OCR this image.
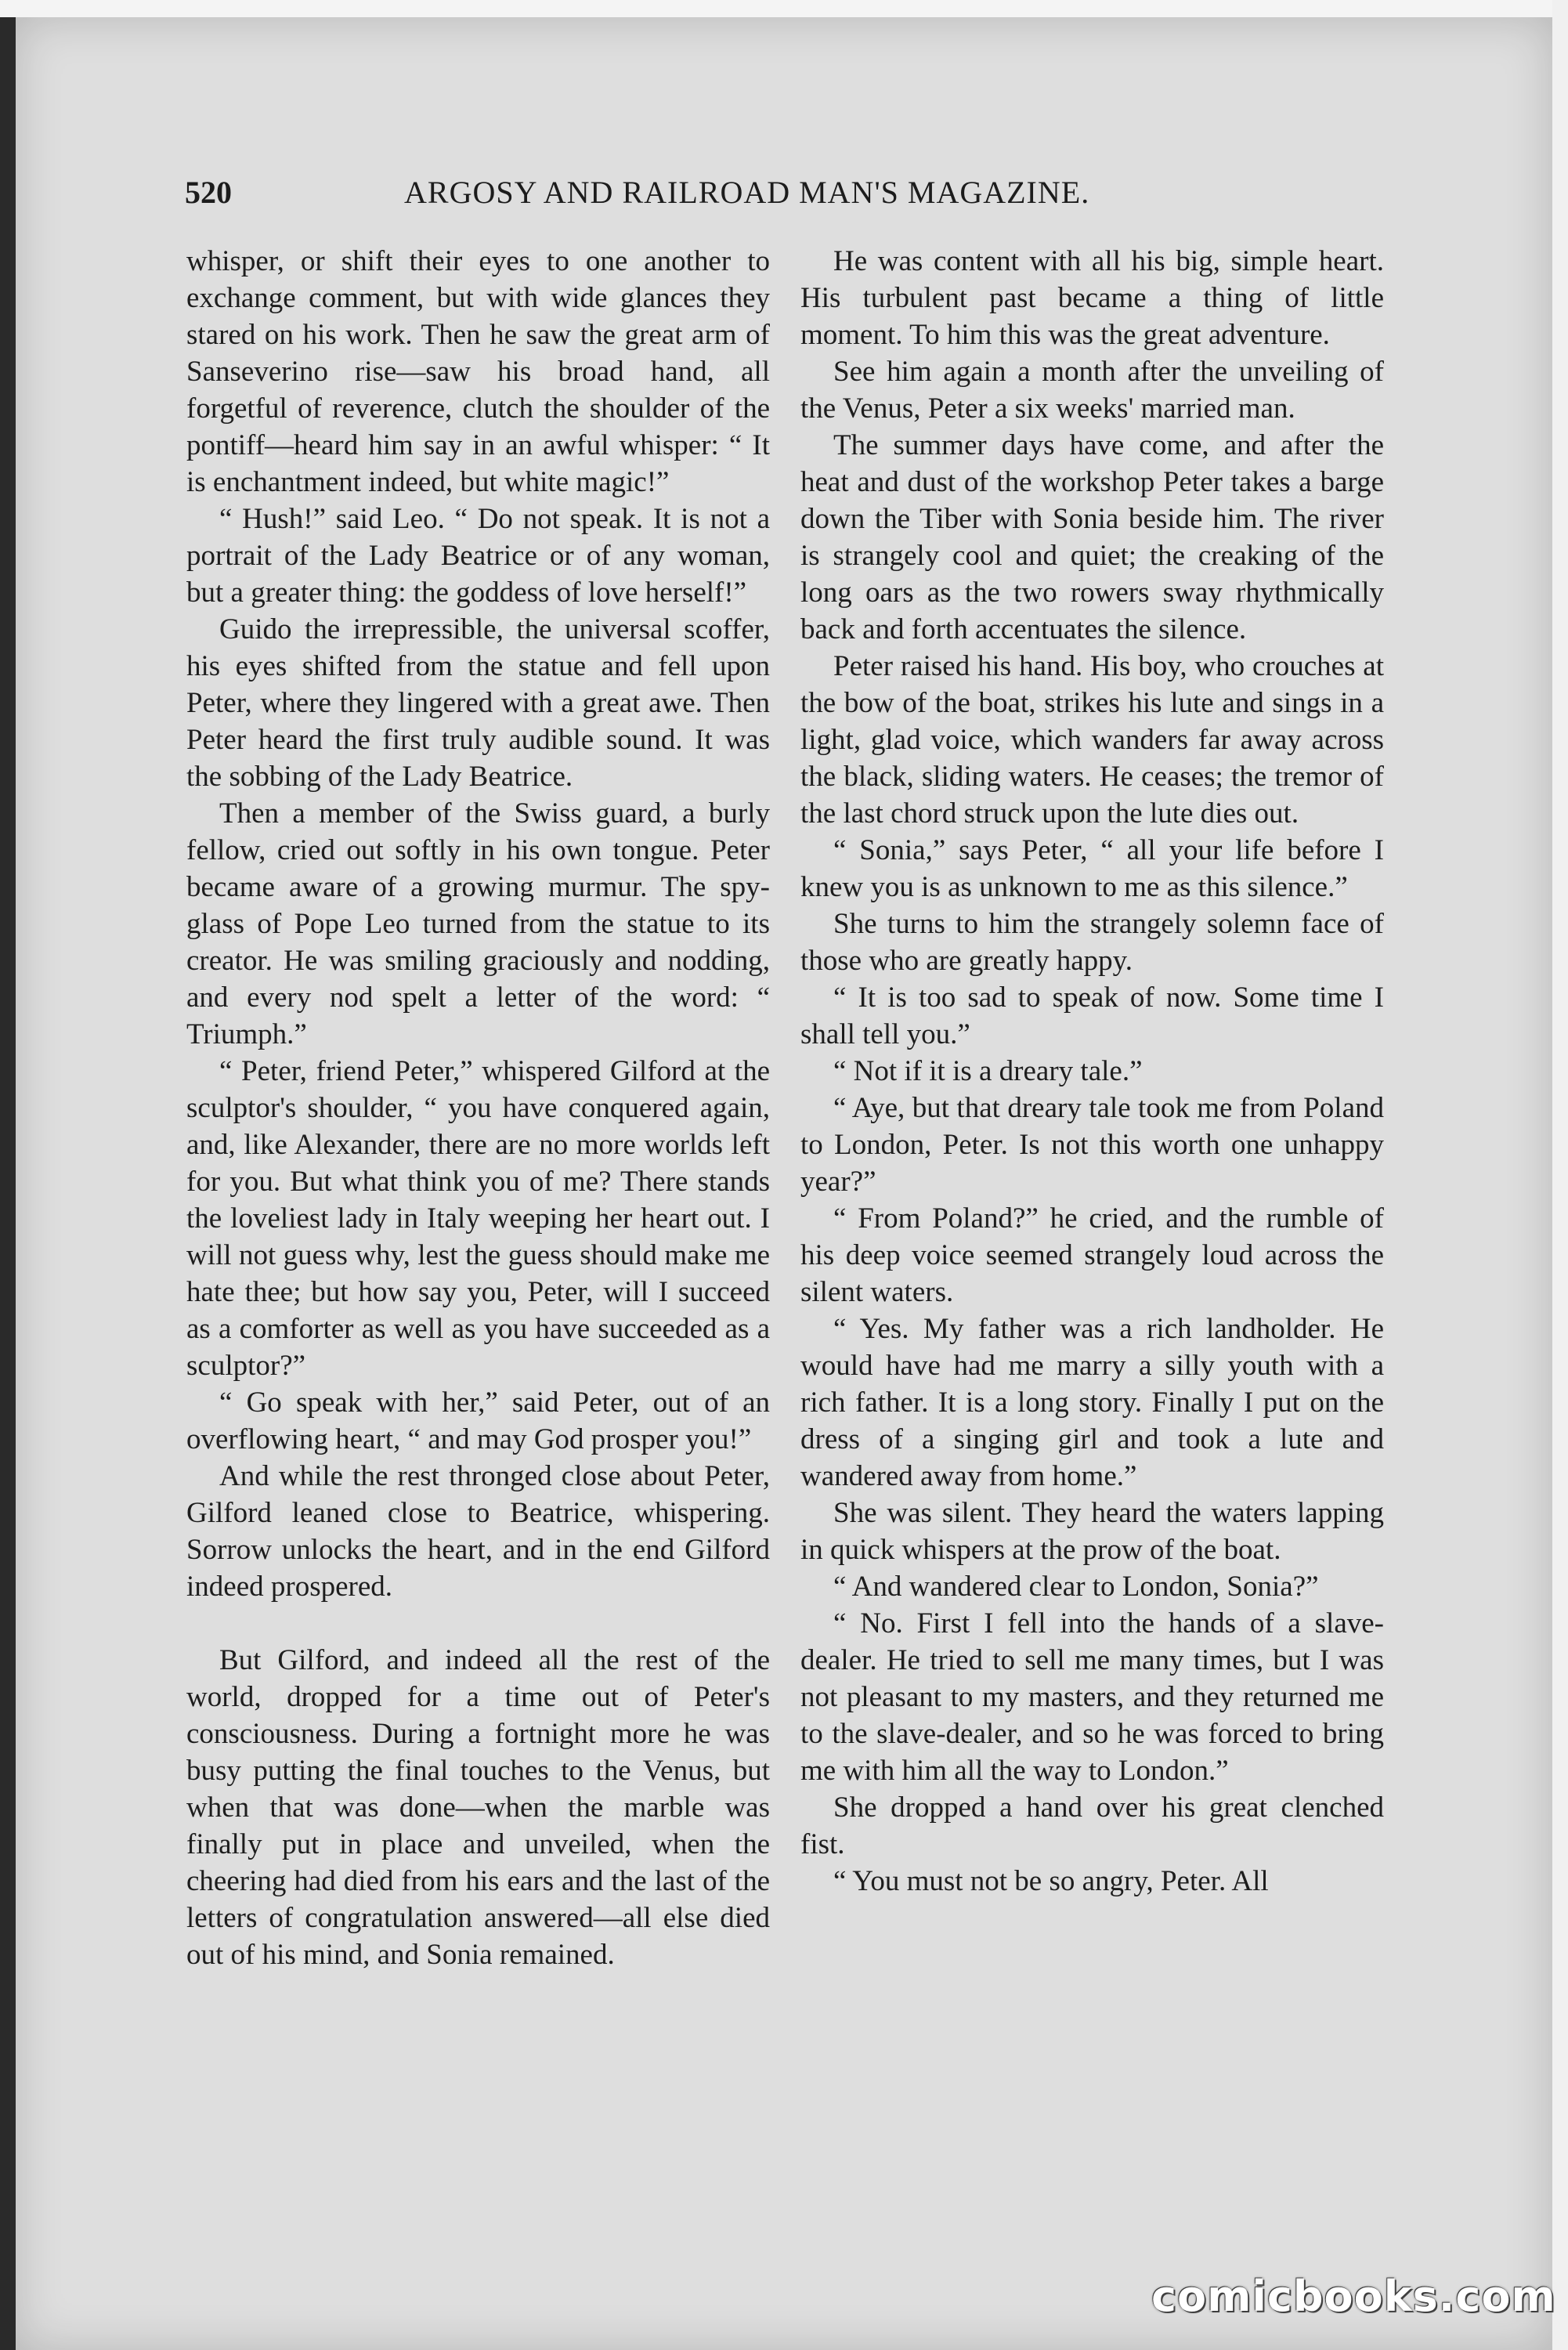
520	ARGOSY AND RAILROAD MAN'S MAGAZINE.

whisper, or shift their eyes to one another to exchange comment, but with wide glances they stared on his work. Then he saw the great arm of Sanseverino rise—saw his broad hand, all forgetful of reverence, clutch the shoulder of the pontiff—heard him say in an awful whisper: “ It is enchantment indeed, but white magic!”

“ Hush!” said Leo. “ Do not speak. It is not a portrait of the Lady Beatrice or of any woman, but a greater thing: the goddess of love herself!”

Guido the irrepressible, the universal scoffer, his eyes shifted from the statue and fell upon Peter, where they lingered with a great awe. Then Peter heard the first truly audible sound. It was the sobbing of the Lady Beatrice.

Then a member of the Swiss guard, a burly fellow, cried out softly in his own tongue. Peter became aware of a growing murmur. The spy-glass of Pope Leo turned from the statue to its creator. He was smiling graciously and nodding, and every nod spelt a letter of the word: “ Triumph.”

“ Peter, friend Peter,” whispered Gilford at the sculptor's shoulder, “ you have conquered again, and, like Alexander, there are no more worlds left for you. But what think you of me? There stands the loveliest lady in Italy weeping her heart out. I will not guess why, lest the guess should make me hate thee; but how say you, Peter, will I succeed as a comforter as well as you have succeeded as a sculptor?”

“ Go speak with her,” said Peter, out of an overflowing heart, “ and may God prosper you!”

And while the rest thronged close about Peter, Gilford leaned close to Beatrice, whispering. Sorrow unlocks the heart, and in the end Gilford indeed prospered.

But Gilford, and indeed all the rest of the world, dropped for a time out of Peter's consciousness. During a fortnight more he was busy putting the final touches to the Venus, but when that was done—when the marble was finally put in place and unveiled, when the cheering had died from his ears and the last of the letters of congratulation answered—all else died out of his mind, and Sonia remained.

He was content with all his big, simple heart. His turbulent past became a thing of little moment. To him this was the great adventure.

See him again a month after the unveiling of the Venus, Peter a six weeks' married man.

The summer days have come, and after the heat and dust of the workshop Peter takes a barge down the Tiber with Sonia beside him. The river is strangely cool and quiet; the creaking of the long oars as the two rowers sway rhythmically back and forth accentuates the silence.

Peter raised his hand. His boy, who crouches at the bow of the boat, strikes his lute and sings in a light, glad voice, which wanders far away across the black, sliding waters. He ceases; the tremor of the last chord struck upon the lute dies out.

“ Sonia,” says Peter, “ all your life before I knew you is as unknown to me as this silence.”

She turns to him the strangely solemn face of those who are greatly happy.

“ It is too sad to speak of now. Some time I shall tell you.”

“ Not if it is a dreary tale.”

“ Aye, but that dreary tale took me from Poland to London, Peter. Is not this worth one unhappy year?”

“ From Poland?” he cried, and the rumble of his deep voice seemed strangely loud across the silent waters.

“ Yes. My father was a rich landholder. He would have had me marry a silly youth with a rich father. It is a long story. Finally I put on the dress of a singing girl and took a lute and wandered away from home.”

She was silent. They heard the waters lapping in quick whispers at the prow of the boat.

“ And wandered clear to London, Sonia?”

“ No. First I fell into the hands of a slave-dealer. He tried to sell me many times, but I was not pleasant to my masters, and they returned me to the slave-dealer, and so he was forced to bring me with him all the way to London.”

She dropped a hand over his great clenched fist.

“ You must not be so angry, Peter. All

comicbooks.com
